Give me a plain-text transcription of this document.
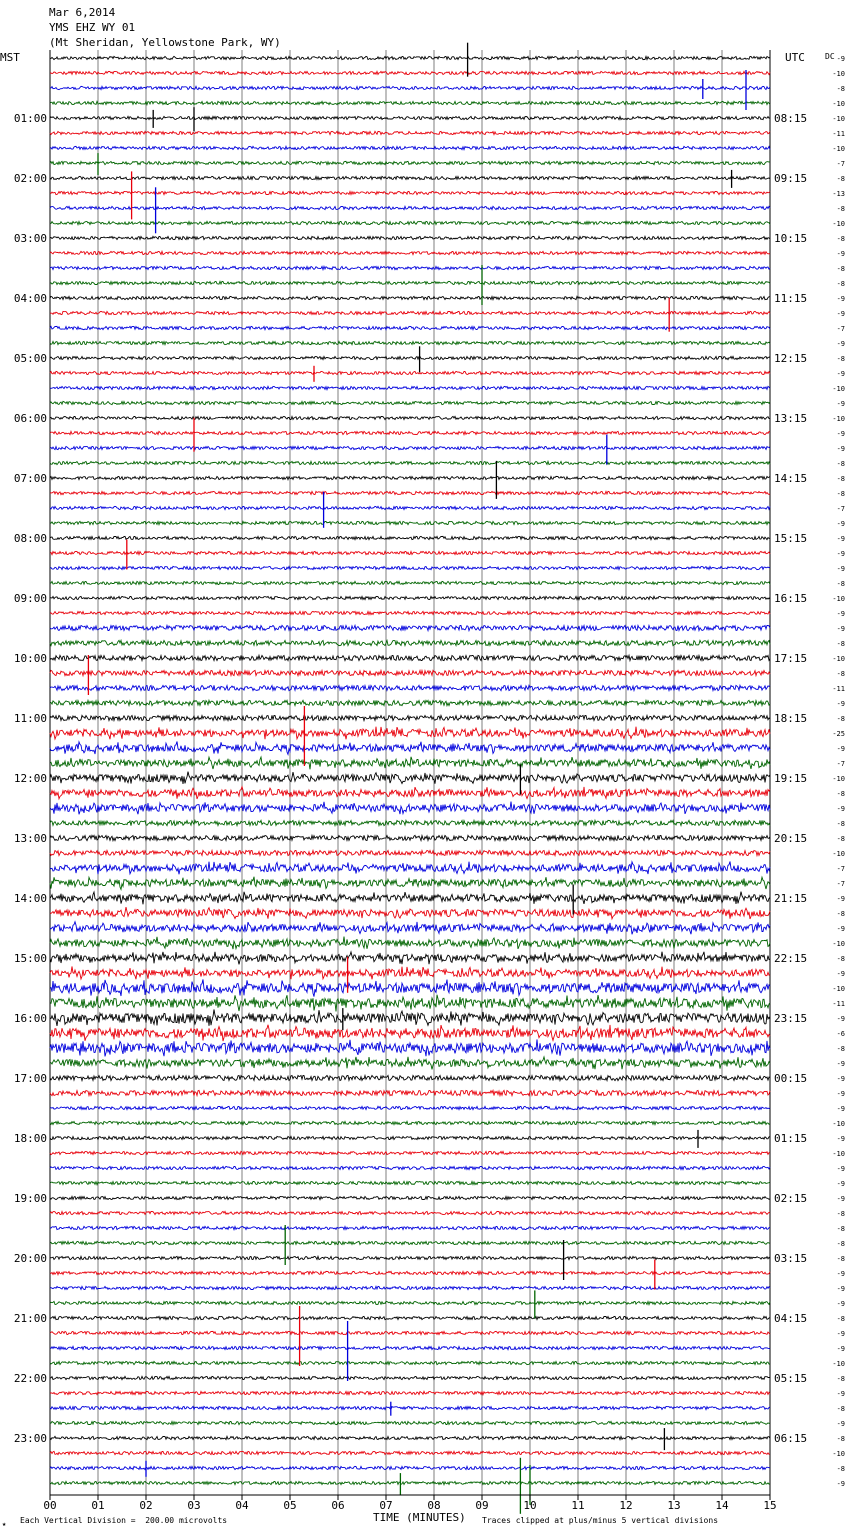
Mar 6,2014
YMS EHZ WY 01
(Mt Sheridan, Yellowstone Park, WY)
MST	UTC	DC
01:00
02:00
03:00
04:00
05:00
06:00
07:00
08:00
09:00
10:00
11:00
12:00
13:00
14:00
15:00
16:00
17:00
18:00
19:00
20:00
21:00
22:00
23:00
08:15
09:15
10:15
11:15
12:15
13:15
14:15
15:15
16:15
17:15
18:15
19:15
20:15
21:15
22:15
23:15
00:15
01:15
02:15
03:15
04:15
05:15
06:15
-9
-10
-8
-10
-10
-11
-10
-7
-8
-13
-8
-10
-8
-9
-8
-8
-9
-9
-7
-9
-8
-9
-10
-9
-10
-9
-9
-8
-8
-8
-7
-9
-9
-9
-9
-8
-10
-9
-9
-8
-10
-8
-11
-9
-8
-25
-9
-7
-10
-8
-9
-8
-8
-10
-7
-7
-9
-8
-9
-10
-8
-9
-10
-11
-9
-6
-8
-9
-9
-9
-9
-10
-9
-10
-9
-9
-9
-8
-8
-8
-8
-9
-9
-9
-8
-9
-9
-10
-8
-9
-8
-9
-8
-10
-8
-9
00	01	02	03	04	05	06	07	08	09	10	11	12	13	14	15
★ Each Vertical Division =  200.00 microvolts	TIME (MINUTES) Traces clipped at plus/minus 5 vertical divisions
